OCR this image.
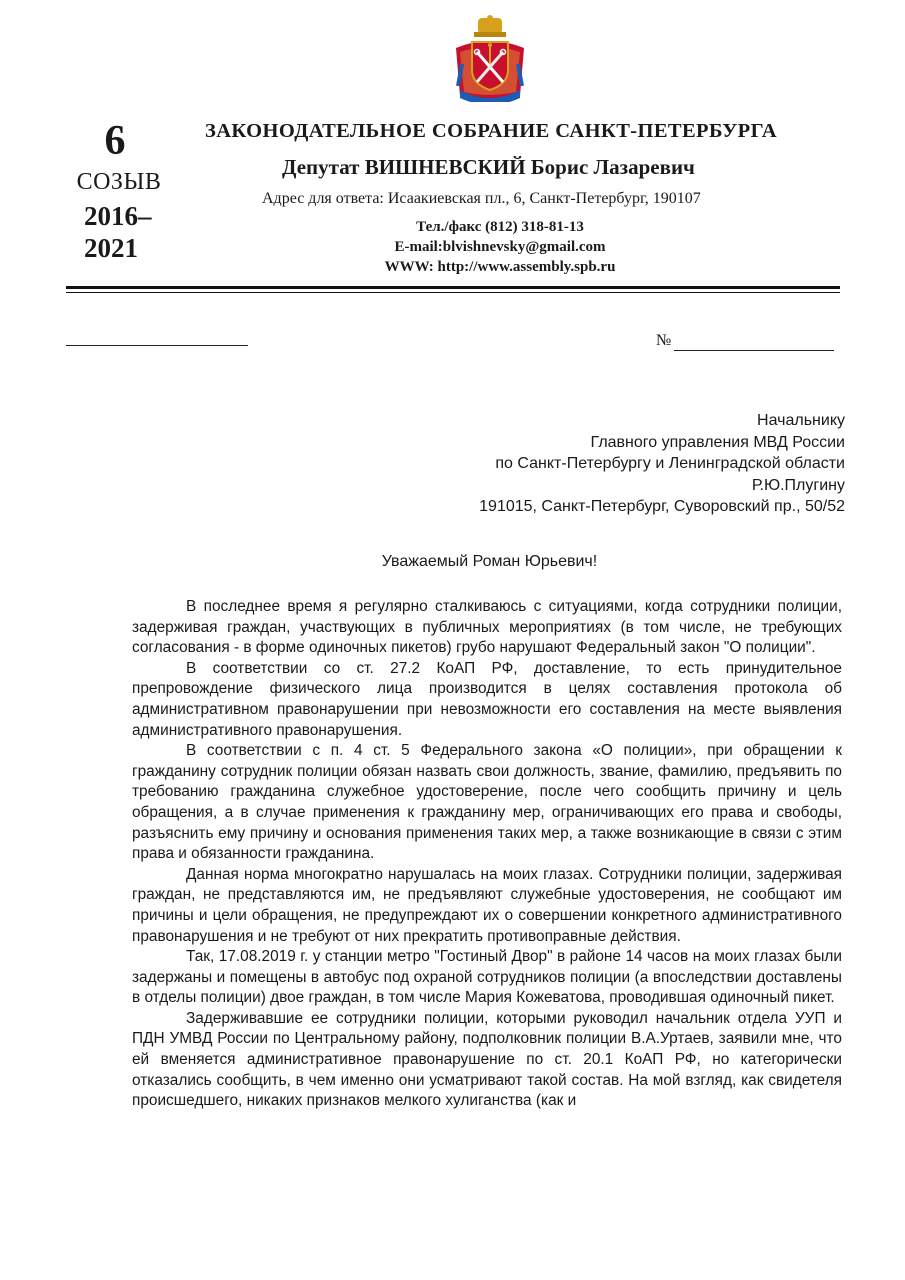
6
СОЗЫВ
2016–
2021
ЗАКОНОДАТЕЛЬНОЕ СОБРАНИЕ САНКТ-ПЕТЕРБУРГА
Депутат ВИШНЕВСКИЙ Борис Лазаревич
Адрес для ответа: Исаакиевская пл., 6, Санкт-Петербург, 190107
Тел./факс (812) 318-81-13
E-mail:blvishnevsky@gmail.com
WWW: http://www.assembly.spb.ru
№
Начальнику
Главного управления МВД России
по Санкт-Петербургу и Ленинградской области
Р.Ю.Плугину
191015, Санкт-Петербург, Суворовский пр., 50/52
Уважаемый Роман Юрьевич!

В последнее время я регулярно сталкиваюсь с ситуациями, когда сотрудники полиции, задерживая граждан, участвующих в публичных мероприятиях (в том числе, не требующих согласования - в форме одиночных пикетов) грубо нарушают Федеральный закон "О полиции".

В соответствии со ст. 27.2 КоАП РФ, доставление, то есть принудительное препровождение физического лица производится в целях составления протокола об административном правонарушении при невозможности его составления на месте выявления административного правонарушения.

В соответствии с п. 4 ст. 5 Федерального закона «О полиции», при обращении к гражданину сотрудник полиции обязан назвать свои должность, звание, фамилию, предъявить по требованию гражданина служебное удостоверение, после чего сообщить причину и цель обращения, а в случае применения к гражданину мер, ограничивающих его права и свободы, разъяснить ему причину и основания применения таких мер, а также возникающие в связи с этим права и обязанности гражданина.

Данная норма многократно нарушалась на моих глазах. Сотрудники полиции, задерживая граждан, не представляются им, не предъявляют служебные удостоверения, не сообщают им причины и цели обращения, не предупреждают их о совершении конкретного административного правонарушения и не требуют от них прекратить противоправные действия.

Так, 17.08.2019 г. у станции метро "Гостиный Двор" в районе 14 часов на моих глазах были задержаны и помещены в автобус под охраной сотрудников полиции (а впоследствии доставлены в отделы полиции) двое граждан, в том числе Мария Кожеватова, проводившая одиночный пикет.

Задерживавшие ее сотрудники полиции, которыми руководил начальник отдела УУП и ПДН УМВД России по Центральному району, подполковник полиции В.А.Уртаев, заявили мне, что ей вменяется административное правонарушение по ст. 20.1 КоАП РФ, но категорически отказались сообщить, в чем именно они усматривают такой состав. На мой взгляд, как свидетеля происшедшего, никаких признаков мелкого хулиганства (как и
